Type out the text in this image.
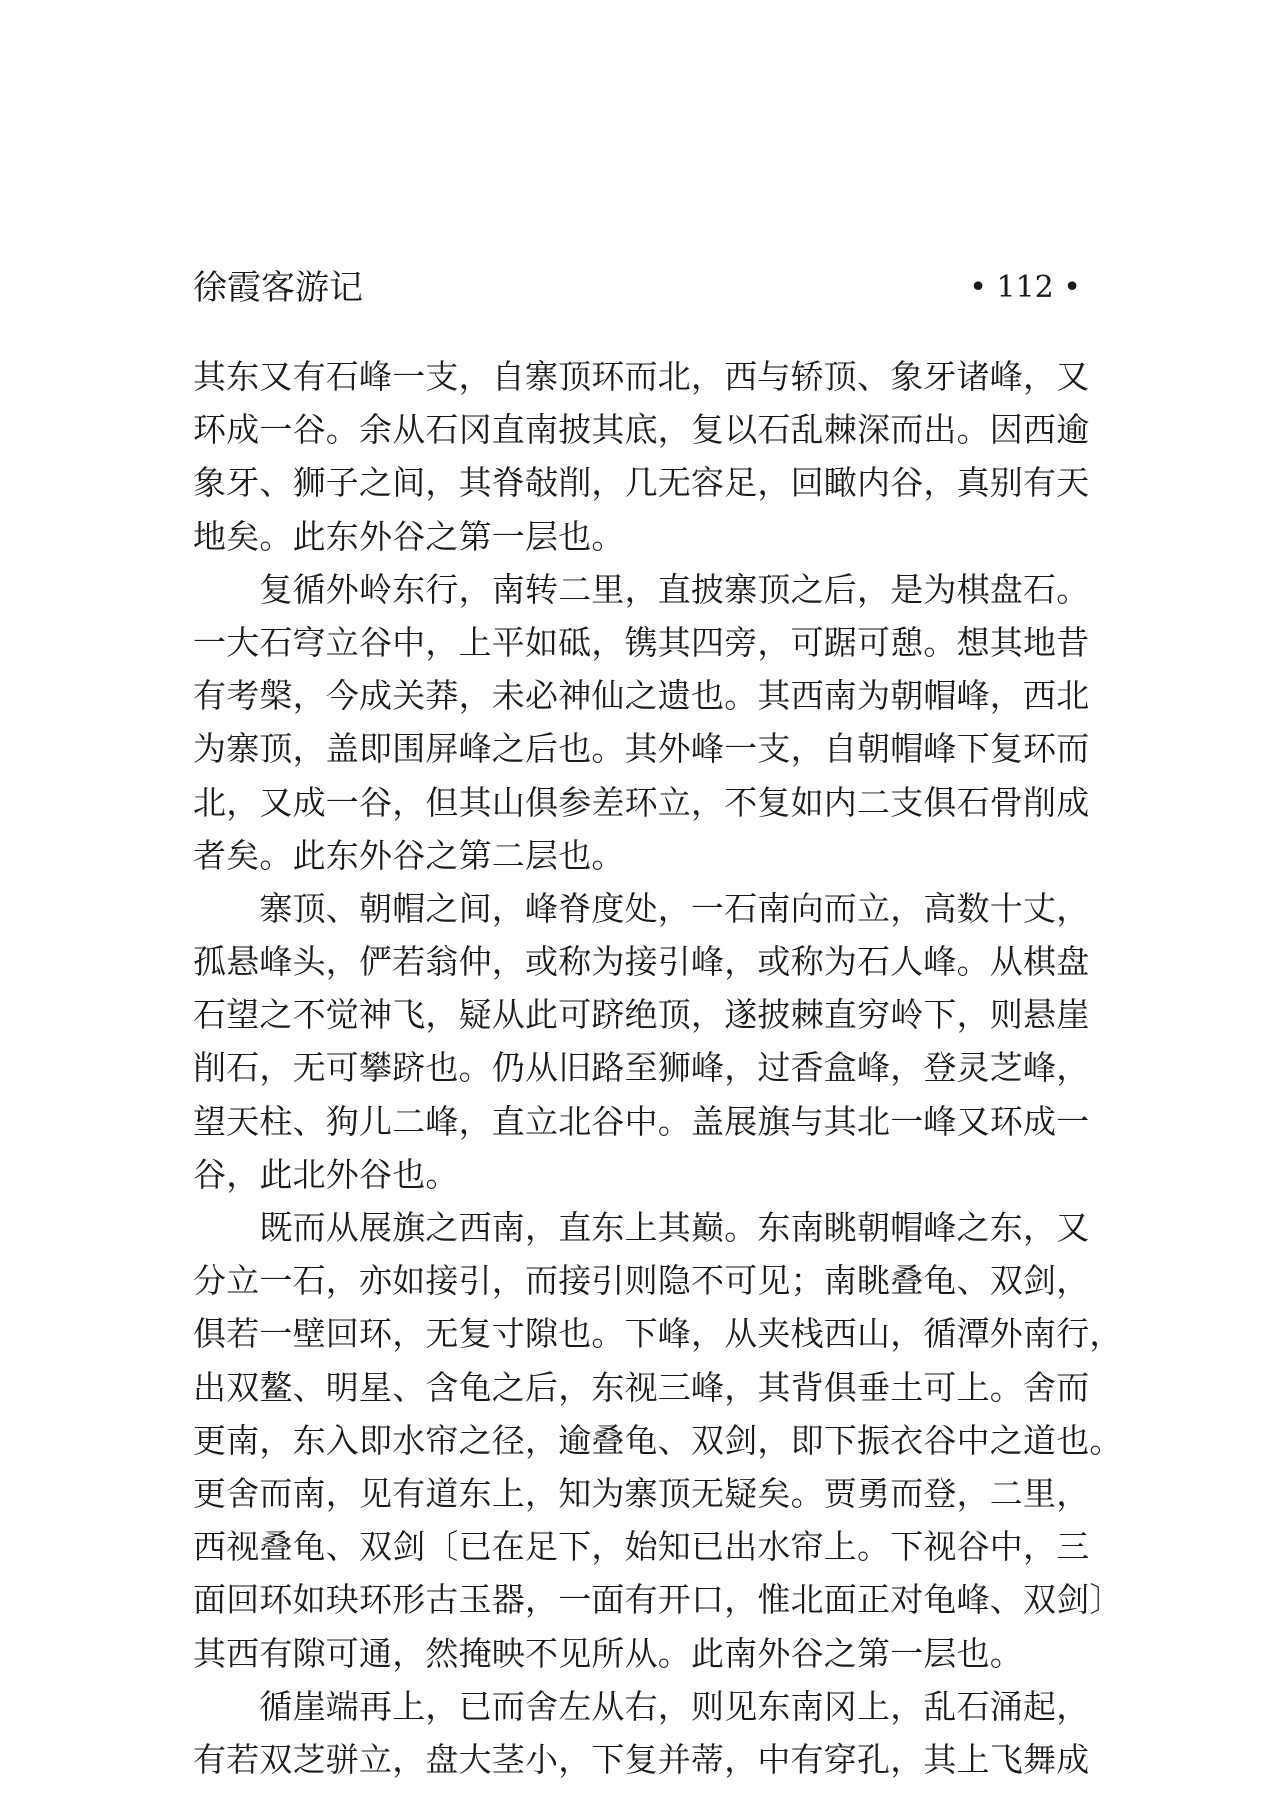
徐霞客游记	• 112 •
其东又有石峰一支，自寨顶环而北，西与轿顶、象牙诸峰，又
环成一谷。余从石冈直南披其底，复以石乱棘深而出。因西逾
象牙、狮子之间，其脊敧削，几无容足，回瞰内谷，真别有天
地矣。此东外谷之第一层也。
　　复循外岭东行，南转二里，直披寨顶之后，是为棋盘石。
一大石穹立谷中，上平如砥，镌其四旁，可踞可憩。想其地昔
有考槃，今成关莽，未必神仙之遗也。其西南为朝帽峰，西北
为寨顶，盖即围屏峰之后也。其外峰一支，自朝帽峰下复环而
北，又成一谷，但其山俱参差环立，不复如内二支俱石骨削成
者矣。此东外谷之第二层也。
　　寨顶、朝帽之间，峰脊度处，一石南向而立，高数十丈，
孤悬峰头，俨若翁仲，或称为接引峰，或称为石人峰。从棋盘
石望之不觉神飞，疑从此可跻绝顶，遂披棘直穷岭下，则悬崖
削石，无可攀跻也。仍从旧路至狮峰，过香盒峰，登灵芝峰，
望天柱、狗儿二峰，直立北谷中。盖展旗与其北一峰又环成一
谷，此北外谷也。
　　既而从展旗之西南，直东上其巅。东南眺朝帽峰之东，又
分立一石，亦如接引，而接引则隐不可见；南眺叠龟、双剑，
俱若一壁回环，无复寸隙也。下峰，从夹栈西山，循潭外南行，
出双鳌、明星、含龟之后，东视三峰，其背俱垂土可上。舍而
更南，东入即水帘之径，逾叠龟、双剑，即下振衣谷中之道也。
更舍而南，见有道东上，知为寨顶无疑矣。贾勇而登，二里，
西视叠龟、双剑〔已在足下，始知已出水帘上。下视谷中，三
面回环如玦环形古玉器，一面有开口，惟北面正对龟峰、双剑〕
其西有隙可通，然掩映不见所从。此南外谷之第一层也。
　　循崖端再上，已而舍左从右，则见东南冈上，乱石涌起，
有若双芝骈立，盘大茎小，下复并蒂，中有穿孔，其上飞舞成
